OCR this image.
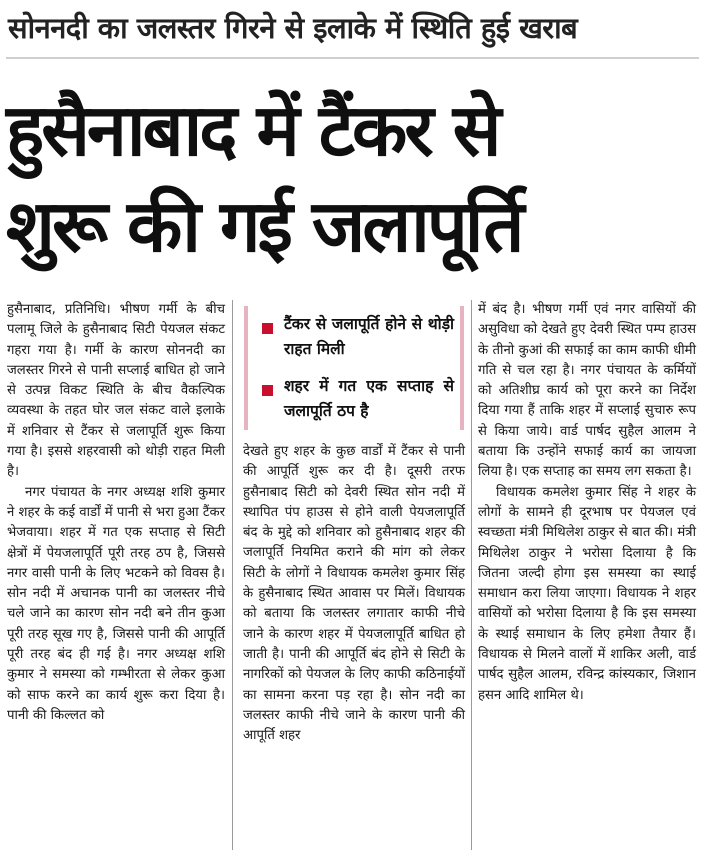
सोननदी का जलस्तर गिरने से इलाके में स्थिति हुई खराब
हुसैनाबाद में टैंकर से
शुरू की गई जलापूर्ति

हुसैनाबाद, प्रतिनिधि। भीषण गर्मी के बीच पलामू जिले के हुसैनाबाद सिटी पेयजल संकट गहरा गया है। गर्मी के कारण सोननदी का जलस्तर गिरने से पानी सप्लाई बाधित हो जाने से उत्पन्न विकट स्थिति के बीच वैकल्पिक व्यवस्था के तहत घोर जल संकट वाले इलाके में शनिवार से टैंकर से जलापूर्ति शुरू किया गया है। इससे शहरवासी को थोड़ी राहत मिली है।

नगर पंचायत के नगर अध्यक्ष शशि कुमार ने शहर के कई वार्डों में पानी से भरा हुआ टैंकर भेजवाया। शहर में गत एक सप्ताह से सिटी क्षेत्रों में पेयजलापूर्ति पूरी तरह ठप है, जिससे नगर वासी पानी के लिए भटकने को विवस है। सोन नदी में अचानक पानी का जलस्तर नीचे चले जाने का कारण सोन नदी बने तीन कुआ पूरी तरह सूख गए है, जिससे पानी की आपूर्ति पूरी तरह बंद ही गई है। नगर अध्यक्ष शशि कुमार ने समस्या को गम्भीरता से लेकर कुआ को साफ करने का कार्य शुरू करा दिया है। पानी की किल्लत को

टैंकर से जलापूर्ति होने से थोड़ी राहत मिली
शहर में गत एक सप्ताह से जलापूर्ति ठप है

देखते हुए शहर के कुछ वार्डों में टैंकर से पानी की आपूर्ति शुरू कर दी है। दूसरी तरफ हुसैनाबाद सिटी को देवरी स्थित सोन नदी में स्थापित पंप हाउस से होने वाली पेयजलापूर्ति बंद के मुद्दे को शनिवार को हुसैनाबाद शहर की जलापूर्ति नियमित कराने की मांग को लेकर सिटी के लोगों ने विधायक कमलेश कुमार सिंह के हुसैनाबाद स्थित आवास पर मिलें। विधायक को बताया कि जलस्तर लगातार काफी नीचे जाने के कारण शहर में पेयजलापूर्ति बाधित हो जाती है। पानी की आपूर्ति बंद होने से सिटी के नागरिकों को पेयजल के लिए काफी कठिनाईयों का सामना करना पड़ रहा है। सोन नदी का जलस्तर काफी नीचे जाने के कारण पानी की आपूर्ति शहर

में बंद है। भीषण गर्मी एवं नगर वासियों की असुविधा को देखते हुए देवरी स्थित पम्प हाउस के तीनो कुआं की सफाई का काम काफी धीमी गति से चल रहा है। नगर पंचायत के कर्मियों को अतिशीघ्र कार्य को पूरा करने का निर्देश दिया गया हैं ताकि शहर में सप्लाई सुचारु रूप से किया जाये। वार्ड पार्षद सुहैल आलम ने बताया कि उन्होंने सफाई कार्य का जायजा लिया है। एक सप्ताह का समय लग सकता है।

विधायक कमलेश कुमार सिंह ने शहर के लोगों के सामने ही दूरभाष पर पेयजल एवं स्वच्छता मंत्री मिथिलेश ठाकुर से बात की। मंत्री मिथिलेश ठाकुर ने भरोसा दिलाया है कि जितना जल्दी होगा इस समस्या का स्थाई समाधान करा लिया जाएगा। विधायक ने शहर वासियों को भरोसा दिलाया है कि इस समस्या के स्थाई समाधान के लिए हमेशा तैयार हैं। विधायक से मिलने वालों में शाकिर अली, वार्ड पार्षद सुहैल आलम, रविन्द्र कांस्यकार, जिशान हसन आदि शामिल थे।
